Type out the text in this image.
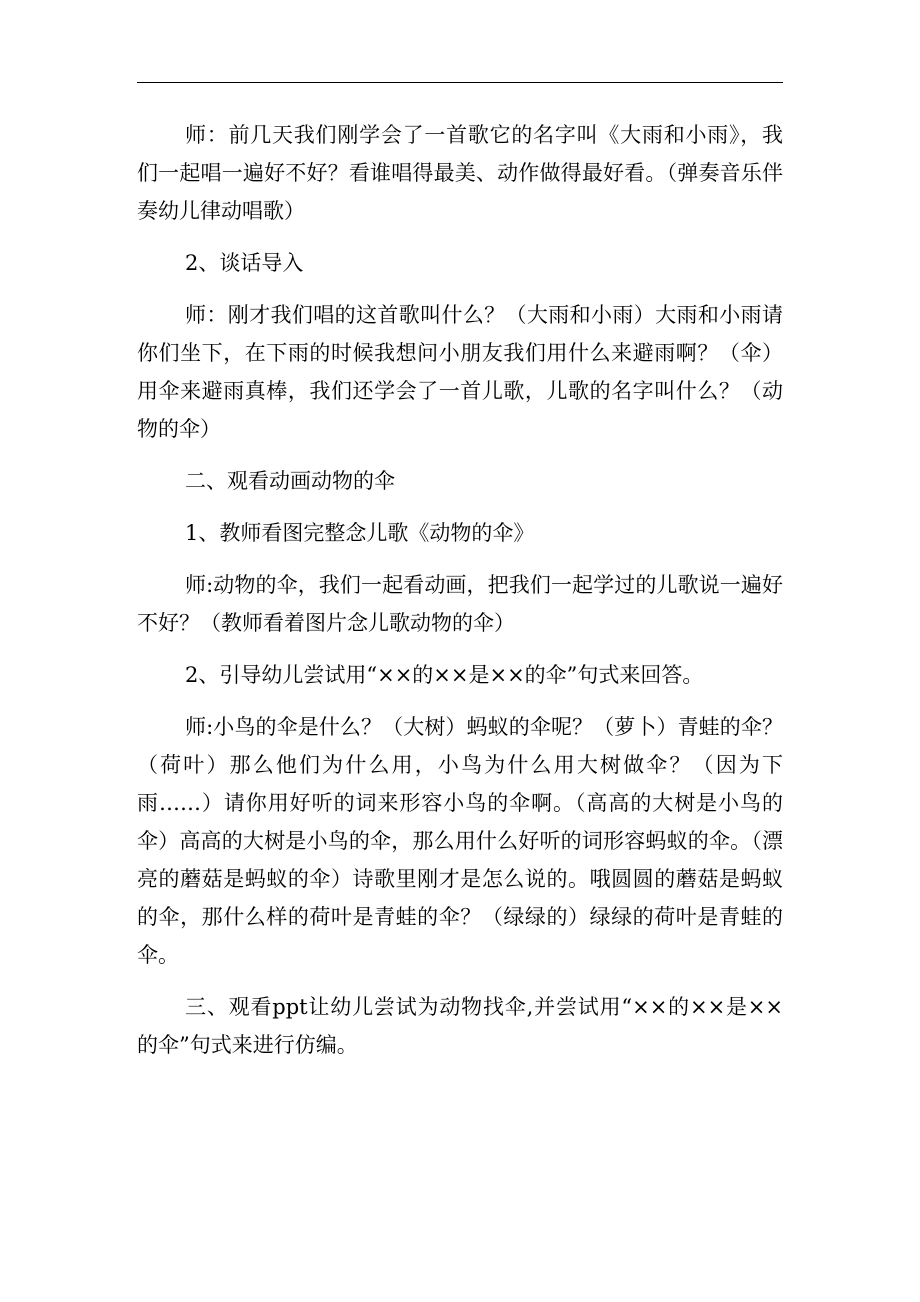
师：前几天我们刚学会了一首歌它的名字叫《大雨和小雨》，我们一起唱一遍好不好？看谁唱得最美、动作做得最好看。（弹奏音乐伴奏幼儿律动唱歌）

2、谈话导入

师：刚才我们唱的这首歌叫什么？（大雨和小雨）大雨和小雨请你们坐下，在下雨的时候我想问小朋友我们用什么来避雨啊？（伞）用伞来避雨真棒，我们还学会了一首儿歌，儿歌的名字叫什么？（动物的伞）

二、观看动画动物的伞

1、教师看图完整念儿歌《动物的伞》

师:动物的伞，我们一起看动画，把我们一起学过的儿歌说一遍好不好？（教师看着图片念儿歌动物的伞）

2、引导幼儿尝试用“××的××是××的伞”句式来回答。

师:小鸟的伞是什么？（大树）蚂蚁的伞呢？（萝卜）青蛙的伞？（荷叶）那么他们为什么用，小鸟为什么用大树做伞？（因为下雨……）请你用好听的词来形容小鸟的伞啊。（高高的大树是小鸟的伞）高高的大树是小鸟的伞，那么用什么好听的词形容蚂蚁的伞。（漂亮的蘑菇是蚂蚁的伞）诗歌里刚才是怎么说的。哦圆圆的蘑菇是蚂蚁的伞，那什么样的荷叶是青蛙的伞？（绿绿的）绿绿的荷叶是青蛙的伞。

三、观看ppt让幼儿尝试为动物找伞,并尝试用“××的××是××的伞”句式来进行仿编。
